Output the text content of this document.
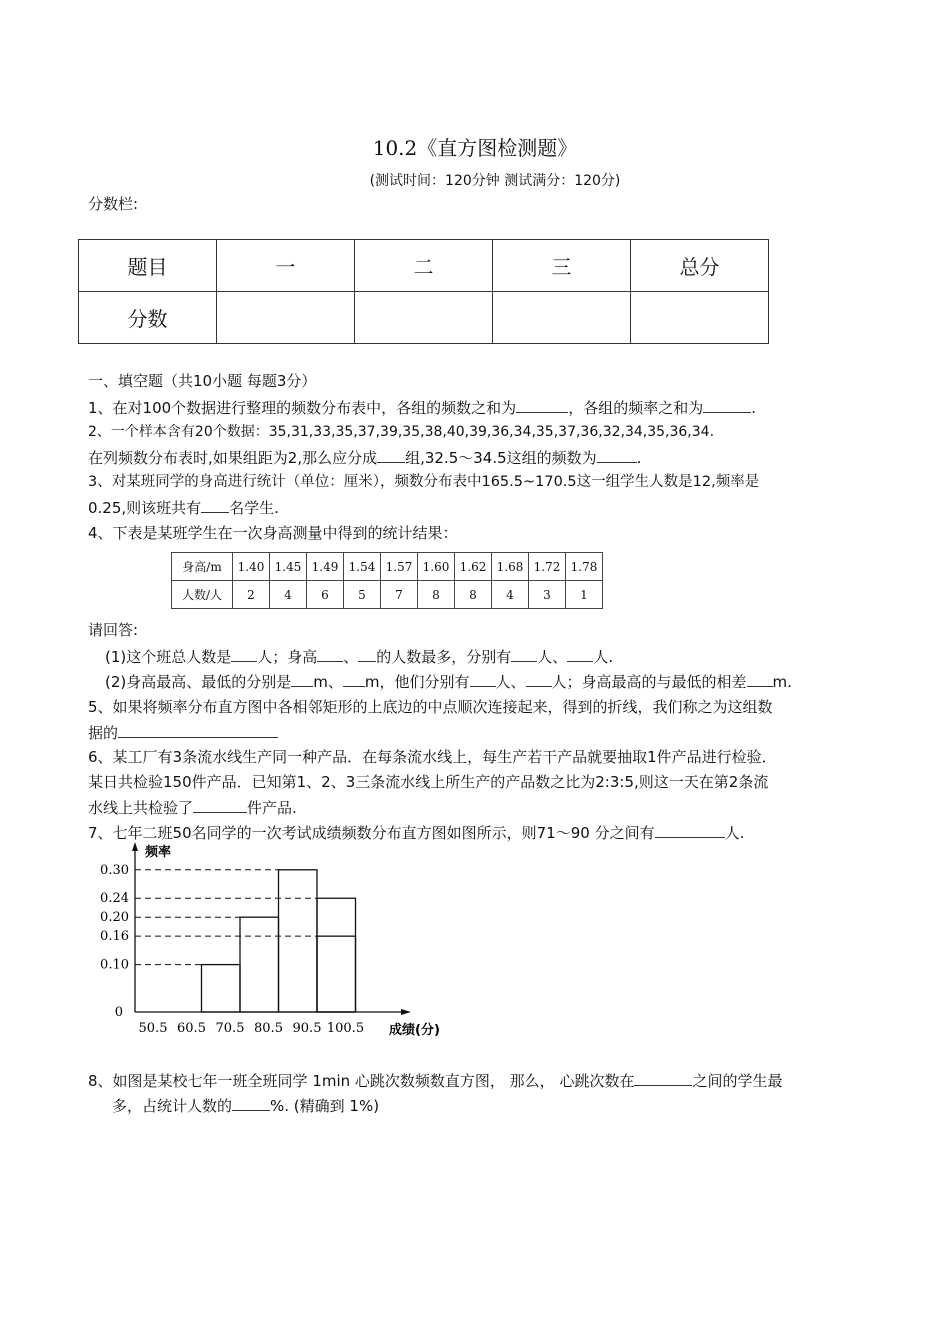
10.2《直方图检测题》
(测试时间：120分钟 测试满分：120分)
分数栏:
题目	一	二	三	总分
分数				
一、填空题（共10小题 每题3分）
1、在对100个数据进行整理的频数分布表中，各组的频数之和为	，各组的频率之和为	.
2、一个样本含有20个数据：35,31,33,35,37,39,35,38,40,39,36,34,35,37,36,32,34,35,36,34.
在列频数分布表时,如果组距为2,那么应分成 组,32.5～34.5这组的频数为	.
3、对某班同学的身高进行统计（单位：厘米），频数分布表中165.5~170.5这一组学生人数是12,频率是
0.25,则该班共有 名学生.
4、下表是某班学生在一次身高测量中得到的统计结果：
身高/m	1.40	1.45	1.49	1.54	1.57	1.60	1.62	1.68	1.72	1.78
人数/人	2	4	6	5	7	8	8	4	3	1
请回答:
(1)这个班总人数是 人；身高 、 的人数最多，分别有 人、 人.
(2)身高最高、最低的分别是 m、 m，他们分别有 人、 人；身高最高的与最低的相差 m.
5、如果将频率分布直方图中各相邻矩形的上底边的中点顺次连接起来，得到的折线，我们称之为这组数
据的
6、某工厂有3条流水线生产同一种产品．在每条流水线上，每生产若干产品就要抽取1件产品进行检验．
某日共检验150件产品．已知第1、2、3三条流水线上所生产的产品数之比为2:3:5,则这一天在第2条流
水线上共检验了	件产品.
7、七年二班50名同学的一次考试成绩频数分布直方图如图所示，则71～90 分之间有	人.
频率
0.30
0.24
0.20
0.16
0.10
0
50.5 60.5 70.5 80.5 90.5 100.5 成绩(分)
8、如图是某校七年一班全班同学 1min 心跳次数频数直方图， 那么， 心跳次数在	之间的学生最
多，占统计人数的	%. (精确到 1%)
